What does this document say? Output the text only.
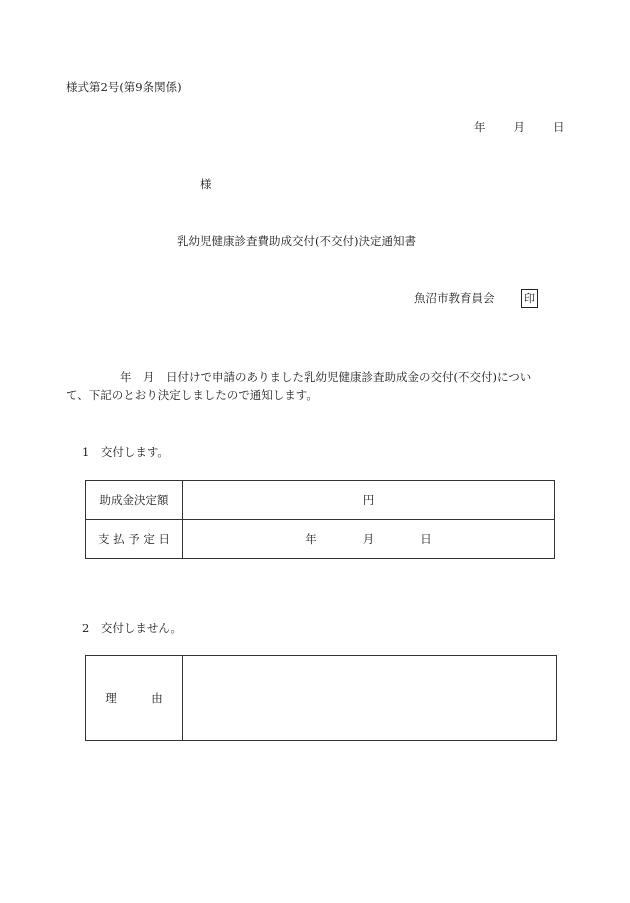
様式第2号(第9条関係)
年 月 日
様
乳幼児健康診査費助成交付(不交付)決定通知書
魚沼市教育員会	印
年　月　日付けで申請のありました乳幼児健康診査助成金の交付(不交付)につい
て、下記のとおり決定しましたので通知します。
1　交付します。
助成金決定額	円
支 払 予 定 日	年　　　　月　　　　日
2　交付しません。
理　　　由	
